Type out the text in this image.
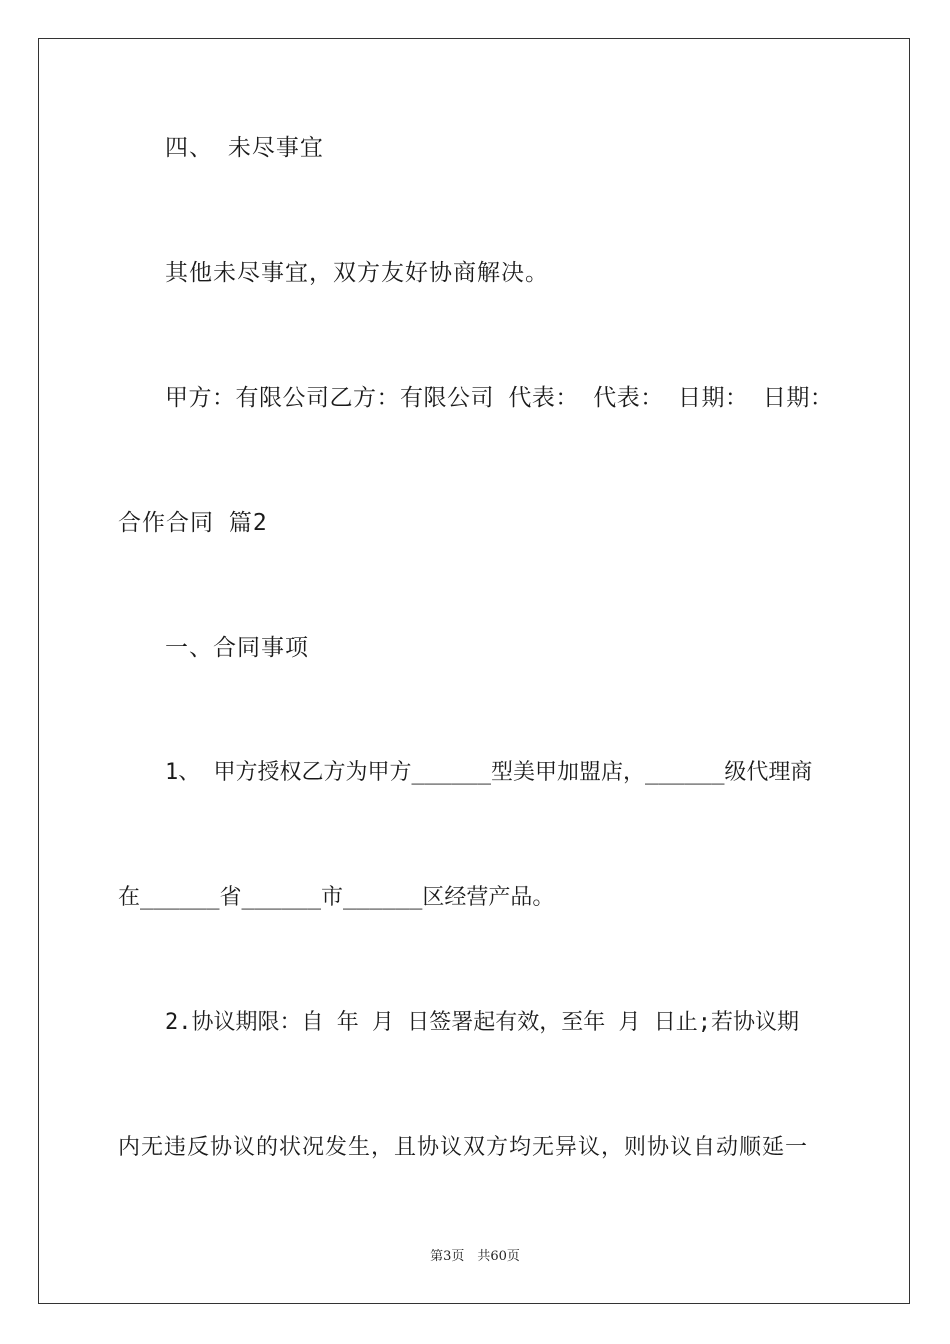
四、 未尽事宜
其他未尽事宜，双方友好协商解决。
甲方：有限公司乙方：有限公司 代表： 代表： 日期： 日期：
合作合同 篇2
一、合同事项
1、 甲方授权乙方为甲方______型美甲加盟店，______级代理商
在______省______市______区经营产品。
2.协议期限：自 年 月 日签署起有效，至年 月 日止;若协议期
内无违反协议的状况发生，且协议双方均无异议，则协议自动顺延一
第3页　共60页
